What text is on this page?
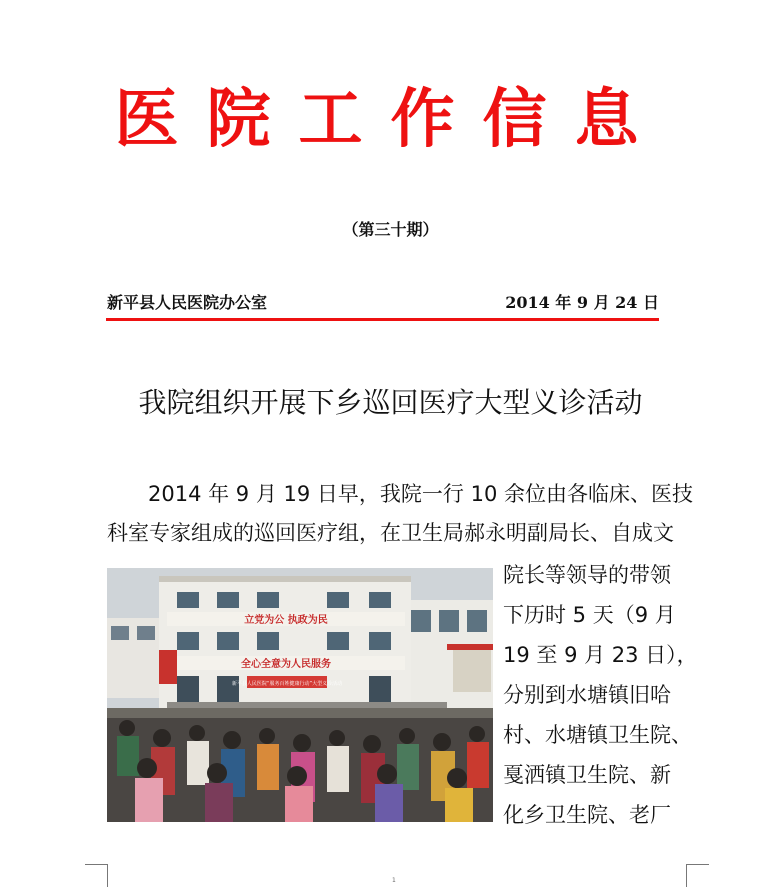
医院工作信息
（第三十期）
新平县人民医院办公室	2014 年 9 月 24 日
我院组织开展下乡巡回医疗大型义诊活动
2014 年 9 月 19 日早，我院一行 10 余位由各临床、医技
科室专家组成的巡回医疗组，在卫生局郝永明副局长、自成文
院长等领导的带领
下历时 5 天（9 月
19 至 9 月 23 日），
分别到水塘镇旧哈
村、水塘镇卫生院、
戛洒镇卫生院、新
化乡卫生院、老厂
立党为公 执政为民
全心全意为人民服务
新平县人民医院“服务百姓健康行动”大型义诊活动
1
